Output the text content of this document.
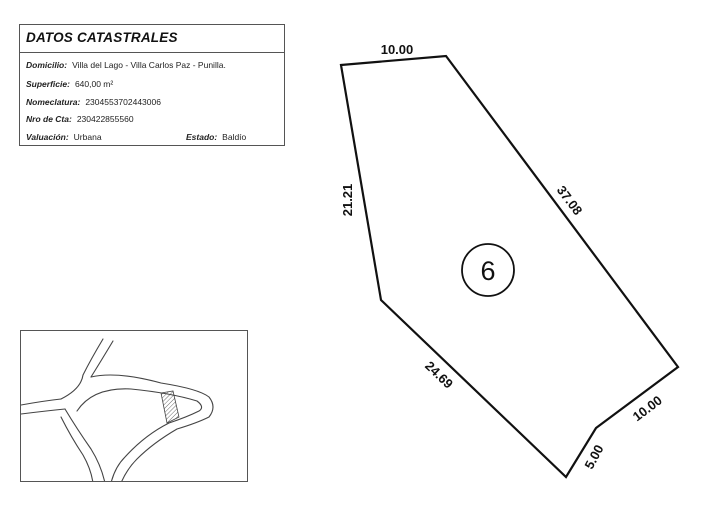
DATOS CATASTRALES
Domicilio: Villa del Lago - Villa Carlos Paz - Punilla.
Superficie: 640,00 m²
Nomeclatura: 2304553702443006
Nro de Cta: 230422855560
Valuación: Urbana	Estado: Baldío
10.00
21.21	37.08
24.69
10.00
5.00
6
